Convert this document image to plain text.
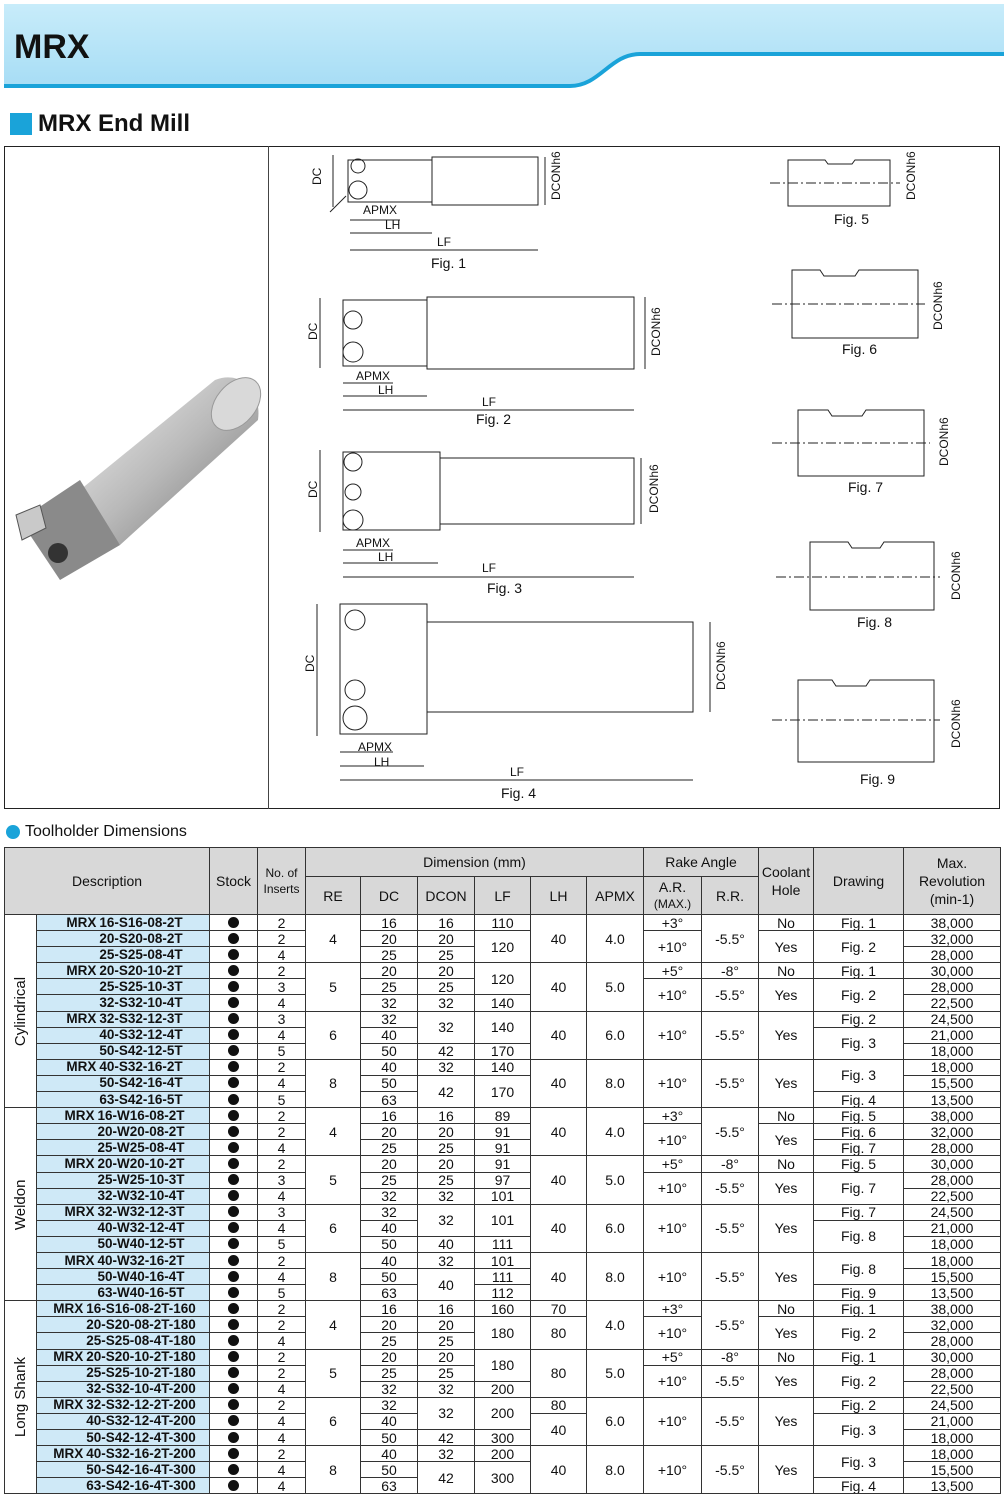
MRX
MRX End Mill
DC
APMX
LH
LF
DCONh6
Fig. 1
DC
APMX
LH
LF
DCONh6
Fig. 2
DC
APMX
LH
LF
DCONh6
Fig. 3
DC
APMX
LH
LF
DCONh6
Fig. 4
DCONh6
Fig. 5
DCONh6
Fig. 6
DCONh6
Fig. 7
DCONh6
Fig. 8
DCONh6
Fig. 9
Toolholder Dimensions
Description		Stock	No. of Inserts	Dimension (mm)						Rake Angle		Coolant Hole	Drawing	Max. Revolution
(min-1)
				RE	DC	DCON	LF	LH	APMX	A.R.
(MAX.)	R.R.			
Cylindrical	MRX 16-S16-08-2T		2	4	16	16	110	40	4.0	+3°	-5.5°	No	Fig. 1	38,000
	20-S20-08-2T		2		20	20	120			+10°		Yes	Fig. 2	32,000
	25-S25-08-4T		4		25	25								28,000
	MRX 20-S20-10-2T		2	5	20	20	120	40	5.0	+5°	-8°	No	Fig. 1	30,000
	25-S25-10-3T		3		25	25				+10°	-5.5°	Yes	Fig. 2	28,000
	32-S32-10-4T		4		32	32	140							22,500
	MRX 32-S32-12-3T		3	6	32	32	140	40	6.0	+10°	-5.5°	Yes	Fig. 2	24,500
	40-S32-12-4T		4		40								Fig. 3	21,000
	50-S42-12-5T		5		50	42	170							18,000
	MRX 40-S32-16-2T		2	8	40	32	140	40	8.0	+10°	-5.5°	Yes	Fig. 3	18,000
	50-S42-16-4T		4		50	42	170							15,500
	63-S42-16-5T		5		63								Fig. 4	13,500
Weldon	MRX 16-W16-08-2T		2	4	16	16	89	40	4.0	+3°	-5.5°	No	Fig. 5	38,000
	20-W20-08-2T		2		20	20	91			+10°		Yes	Fig. 6	32,000
	25-W25-08-4T		4		25	25	91						Fig. 7	28,000
	MRX 20-W20-10-2T		2	5	20	20	91	40	5.0	+5°	-8°	No	Fig. 5	30,000
	25-W25-10-3T		3		25	25	97			+10°	-5.5°	Yes	Fig. 7	28,000
	32-W32-10-4T		4		32	32	101							22,500
	MRX 32-W32-12-3T		3	6	32	32	101	40	6.0	+10°	-5.5°	Yes	Fig. 7	24,500
	40-W32-12-4T		4		40								Fig. 8	21,000
	50-W40-12-5T		5		50	40	111							18,000
	MRX 40-W32-16-2T		2	8	40	32	101	40	8.0	+10°	-5.5°	Yes	Fig. 8	18,000
	50-W40-16-4T		4		50	40	111							15,500
	63-W40-16-5T		5		63		112						Fig. 9	13,500
Long Shank	MRX 16-S16-08-2T-160		2	4	16	16	160	70	4.0	+3°	-5.5°	No	Fig. 1	38,000
	20-S20-08-2T-180		2		20	20	180	80		+10°		Yes	Fig. 2	32,000
	25-S25-08-4T-180		4		25	25								28,000
	MRX 20-S20-10-2T-180		2	5	20	20	180	80	5.0	+5°	-8°	No	Fig. 1	30,000
	25-S25-10-2T-180		2		25	25				+10°	-5.5°	Yes	Fig. 2	28,000
	32-S32-10-4T-200		4		32	32	200							22,500
	MRX 32-S32-12-2T-200		2	6	32	32	200	80	6.0	+10°	-5.5°	Yes	Fig. 2	24,500
	40-S32-12-4T-200		4		40			40					Fig. 3	21,000
	50-S42-12-4T-300		4		50	42	300							18,000
	MRX 40-S32-16-2T-200		2	8	40	32	200	40	8.0	+10°	-5.5°	Yes	Fig. 3	18,000
	50-S42-16-4T-300		4		50	42	300							15,500
	63-S42-16-4T-300		4		63								Fig. 4	13,500
